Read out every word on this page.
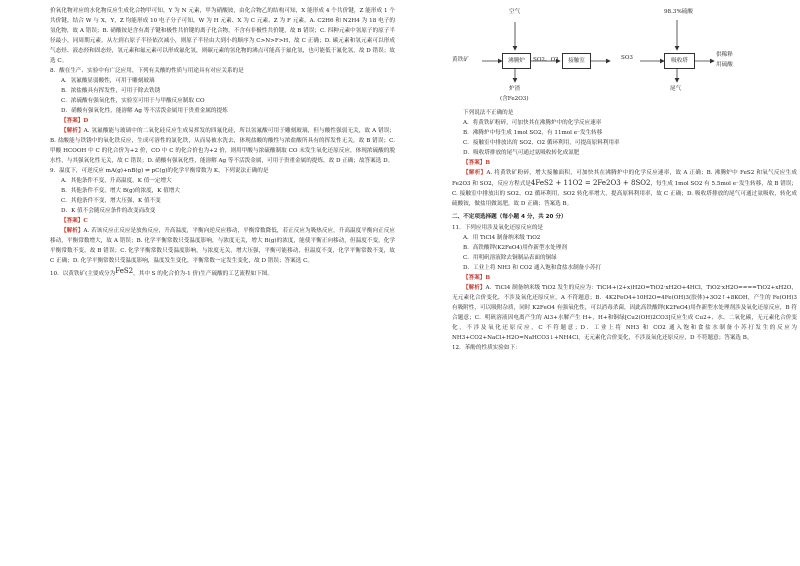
价氧化物对应的水化物反应生成化合物甲可知，Y 为 N 元素，甲为硝酸铵，由化合物乙的结构可知，X 能形成 4 个共价键，Z 能形成 1 个共价键，结合 W 与 X，Y，Z 均能形成 10 电子分子可知，W 为 H 元素、X 为 C 元素、Z 为 F 元素。A. C2H6 和 N2H4 为 18 电子的氢化物，故 A 错误；B. 硝酸铵是含有离子键和极性共价键的离子化合物，不含有非极性共价键，故 B 错误；C. 四种元素中氢原子的原子半径最小，同周期元素，从左到右原子半径依次减小，则原子半径由大到小的顺序为 C>N>F>H，故 C 正确；D. 碳元素和氢元素可以形成气态烃、液态烃和固态烃，氢元素和氟元素可以形成氟化氢，则碳元素的氢化物的沸点可能高于氟化氢，也可能低于氟化氢，故 D 错误；故选 C。

8．酸在生产、实验中有广泛应用，下列有关酸的性质与用途具有对应关系的是

A．氢氟酸显弱酸性，可用于雕刻玻璃

B．浓盐酸具有挥发性，可用于除去铁锈

C．浓硫酸有强氧化性，实验室可用于与甲酸反应制取 CO

D．硝酸有强氧化性，能溶解 Ag 等不活泼金属用于贵重金属的提炼

【答案】D

【解析】A. 氢氟酸能与玻璃中的二氧化硅反应生成易挥发的四氟化硅，所以氢氟酸可用于雕刻玻璃，但与酸性强弱无关，故 A 错误；B. 盐酸能与铁锈中的氧化铁反应，生成可溶性的氯化铁，从而易被水洗去，体现盐酸的酸性与浓盐酸所具有的挥发性无关，故 B 错误；C. 甲酸 HCOOH 中 C 的化合价为+2 价，CO 中 C 的化合价也为+2 价，则用甲酸与浓硫酸制取 CO 未发生氧化还原反应，体现浓硫酸的脱水性，与其强氧化性无关，故 C 错误；D. 硝酸有强氧化性，能溶解 Ag 等不活泼金属，可用于贵重金属的提炼，故 D 正确；故答案选 D。

9．温度下，可逆反应 mA(g)+nB(g) ⇌ pC(g)的化学平衡常数为 K，下列说法正确的是

A．其他条件不变，升高温度，K 值一定增大

B．其他条件不变，增大 B(g)的浓度，K 值增大

C．其他条件不变，增大压强，K 值不变

D．K 值不会随反应条件的改变而改变

【答案】C

【解析】A. 若该反应正反应是放热反应，升高温度，平衡向逆反应移动，平衡常数降低，若正反应为吸热反应，升高温度平衡向正反应移动，平衡常数增大，故 A 错误；B. 化学平衡常数只受温度影响，与浓度无关，增大 B(g)的浓度，能使平衡正向移动，但温度不变，化学平衡常数不变，故 B 错误；C. 化学平衡常数只受温度影响，与浓度无关，增大压强，平衡可能移动，但温度不变，化学平衡常数不变，故 C 正确；D. 化学平衡常数只受温度影响，温度发生变化，平衡常数一定发生变化，故 D 错误；答案选 C。

10．以黄铁矿(主要成分为FeS2，其中 S 的化合价为-1 价)生产硫酸的工艺流程如下图。

空气
黄铁矿	沸腾炉	SO2、O2	接触室	SO3
98.3%硫酸
吸收塔
供稀释
用硫酸
炉渣
(含Fe2O3)
尾气

下列说法不正确的是

A．将黄铁矿粉碎，可加快其在沸腾炉中的化学反应速率

B．沸腾炉中每生成 1mol SO2，有 11mol e⁻发生转移

C．接触室中排放出的 SO2、O2 循环利用，可提高原料利用率

D．吸收塔排放的尾气可通过氨吸收转化成氮肥

【答案】B

【解析】A. 将黄铁矿粉碎，增大接触面积，可加快其在沸腾炉中的化学反应速率，故 A 正确；B. 沸腾炉中 FeS2 和氧气反应生成 Fe2O3 和 SO2，反应方程式是4FeS2 + 11O2 = 2Fe2O3 + 8SO2，每生成 1mol SO2 有 5.5mol e⁻发生转移，故 B 错误；C. 接触室中排放出的 SO2、O2 循环利用，SO2 转化率增大，提高原料利用率，故 C 正确；D. 吸收塔排放的尾气可通过氨吸收，转化成硫酸铵，做盐用做氮肥，故 D 正确；答案选 B。

二、不定项选择题（每小题 4 分，共 20 分）

11．下列应用涉及氧化还原反应的是

A．用 TiCl4 制备纳米级 TiO2

B．高铁酸钾(K2FeO4)用作新型水处理剂

C．用明矾溶液除去铜制品表面的铜绿

D．工业上将 NH3 和 CO2 通入饱和食盐水制备小苏打

【答案】B

【解析】A．TiCl4 制备纳米级 TiO2 发生的反应为：TiCl4+(2+x)H2O=TiO2·xH2O+4HCl，TiO2·xH2O====TiO2+xH2O，无元素化合价变化，不涉及氧化还原反应，A 不符题意；B．4K2FeO4+10H2O=4Fe(OH)3(胶体)+3O2↑+8KOH，产生的 Fe(OH)3 有吸附性，可以吸附杂质，同时 K2FeO4 有强氧化性，可以消毒杀菌，因此高铁酸钾(K2FeO4)用作新型水处理剂涉及氧化还原反应，B 符合题意；C．明矾溶液因电离产生的 Al3+水解产生 H+，H+和铜绿[Cu2(OH)2CO3]反应生成 Cu2+、水、二氧化碳，无元素化合价变化，不涉及氧化还原反应，C 不符题意；D．工业上将 NH3 和 CO2 通入饱和食盐水制备小苏打发生的反应为 NH3+CO2+NaCl+H2O=NaHCO3↓+NH4Cl，无元素化合价变化，不涉及氧化还原反应，D 不符题意；答案选 B。

12．苯酚的性质实验如下：
